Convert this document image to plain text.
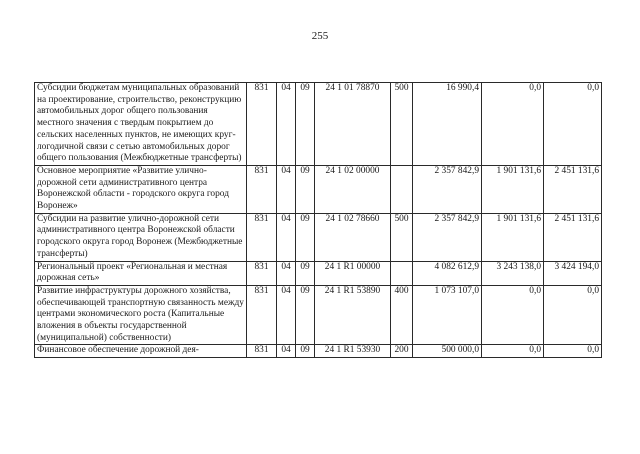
255
Субсидии бюджетам муниципальных образований на проектирование, строительство, реконструкцию автомобильных дорог общего пользования местного значения с твердым покрытием до сельских населенных пунктов, не имеющих круглогодичной связи с сетью автомобильных дорог общего пользования (Межбюджетные трансферты)	831	04	09	24 1 01 78870	500	16 990,4	0,0	0,0
Основное мероприятие «Развитие улично-дорожной сети административного центра Воронежской области - городского округа город Воронеж»	831	04	09	24 1 02 00000		2 357 842,9	1 901 131,6	2 451 131,6
Субсидии на развитие улично-дорожной сети административного центра Воронежской области городского округа город Воронеж (Межбюджетные трансферты)	831	04	09	24 1 02 78660	500	2 357 842,9	1 901 131,6	2 451 131,6
Региональный проект «Региональная и местная дорожная сеть»	831	04	09	24 1 R1 00000		4 082 612,9	3 243 138,0	3 424 194,0
Развитие инфраструктуры дорожного хозяйства, обеспечивающей транспортную связанность между центрами экономического роста (Капитальные вложения в объекты государственной (муниципальной) собственности)	831	04	09	24 1 R1 53890	400	1 073 107,0	0,0	0,0
Финансовое обеспечение дорожной дея-	831	04	09	24 1 R1 53930	200	500 000,0	0,0	0,0
